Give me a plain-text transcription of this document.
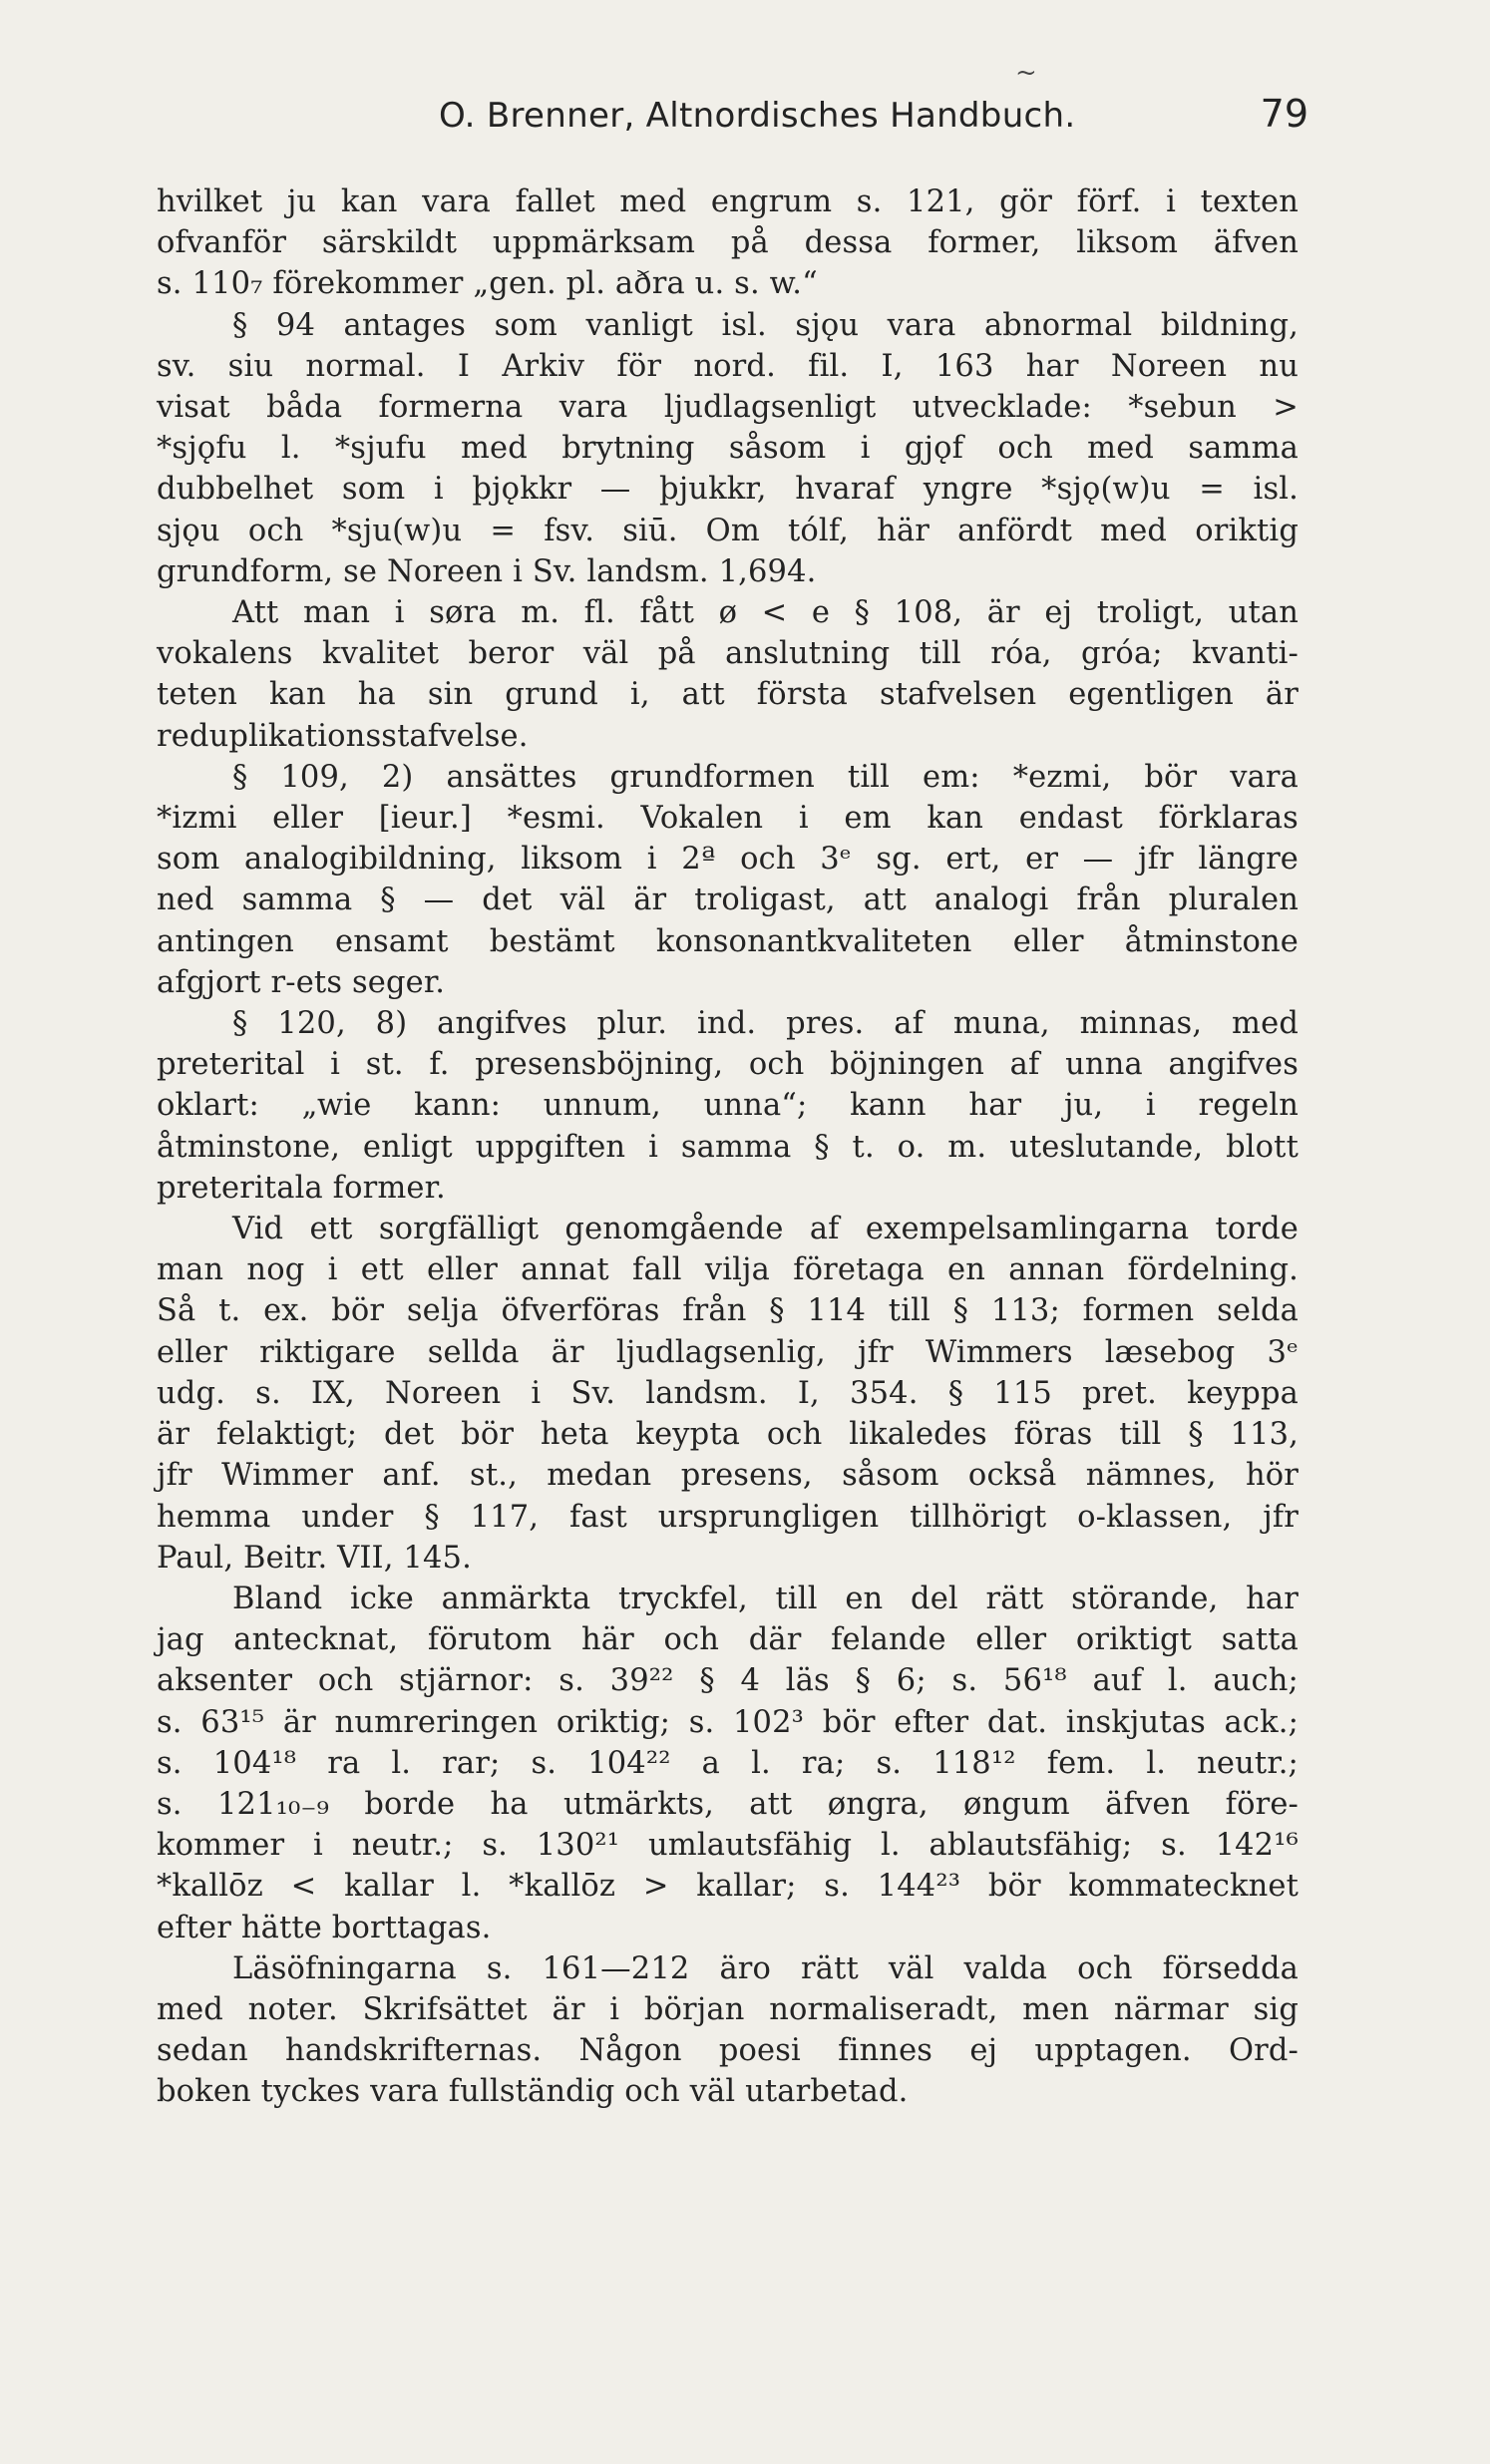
~
O. Brenner, Altnordisches Handbuch.	79
hvilket ju kan vara fallet med engrum s. 121, gör förf. i texten
ofvanför särskildt uppmärksam på dessa former, liksom äfven
s. 110₇ förekommer „gen. pl. aðra u. s. w.“
§ 94 antages som vanligt isl. sjǫu vara abnormal bildning,
sv. siu normal. I Arkiv för nord. fil. I, 163 har Noreen nu
visat båda formerna vara ljudlagsenligt utvecklade: *sebun >
*sjǫfu l. *sjufu med brytning såsom i gjǫf och med samma
dubbelhet som i þjǫkkr — þjukkr, hvaraf yngre *sjǫ(w)u = isl.
sjǫu och *sju(w)u = fsv. siū. Om tólf, här anfördt med oriktig
grundform, se Noreen i Sv. landsm. 1,694.
Att man i søra m. fl. fått ø < e § 108, är ej troligt, utan
vokalens kvalitet beror väl på anslutning till róa, gróa; kvanti-
teten kan ha sin grund i, att första stafvelsen egentligen är
reduplikationsstafvelse.
§ 109, 2) ansättes grundformen till em: *ezmi, bör vara
*izmi eller [ieur.] *esmi. Vokalen i em kan endast förklaras
som analogibildning, liksom i 2ª och 3ᵉ sg. ert, er — jfr längre
ned samma § — det väl är troligast, att analogi från pluralen
antingen ensamt bestämt konsonantkvaliteten eller åtminstone
afgjort r-ets seger.
§ 120, 8) angifves plur. ind. pres. af muna, minnas, med
preterital i st. f. presensböjning, och böjningen af unna angifves
oklart: „wie kann: unnum, unna“; kann har ju, i regeln
åtminstone, enligt uppgiften i samma § t. o. m. uteslutande, blott
preteritala former.
Vid ett sorgfälligt genomgående af exempelsamlingarna torde
man nog i ett eller annat fall vilja företaga en annan fördelning.
Så t. ex. bör selja öfverföras från § 114 till § 113; formen selda
eller riktigare sellda är ljudlagsenlig, jfr Wimmers læsebog 3ᵉ
udg. s. IX, Noreen i Sv. landsm. I, 354. § 115 pret. keyppa
är felaktigt; det bör heta keypta och likaledes föras till § 113,
jfr Wimmer anf. st., medan presens, såsom också nämnes, hör
hemma under § 117, fast ursprungligen tillhörigt o-klassen, jfr
Paul, Beitr. VII, 145.
Bland icke anmärkta tryckfel, till en del rätt störande, har
jag antecknat, förutom här och där felande eller oriktigt satta
aksenter och stjärnor: s. 39²² § 4 läs § 6; s. 56¹⁸ auf l. auch;
s. 63¹⁵ är numreringen oriktig; s. 102³ bör efter dat. inskjutas ack.;
s. 104¹⁸ ra l. rar; s. 104²² a l. ra; s. 118¹² fem. l. neutr.;
s. 121₁₀₋₉ borde ha utmärkts, att øngra, øngum äfven före-
kommer i neutr.; s. 130²¹ umlautsfähig l. ablautsfähig; s. 142¹⁶
*kallōz < kallar l. *kallōz > kallar; s. 144²³ bör kommatecknet
efter hätte borttagas.
Läsöfningarna s. 161—212 äro rätt väl valda och försedda
med noter. Skrifsättet är i början normaliseradt, men närmar sig
sedan handskrifternas. Någon poesi finnes ej upptagen. Ord-
boken tyckes vara fullständig och väl utarbetad.
